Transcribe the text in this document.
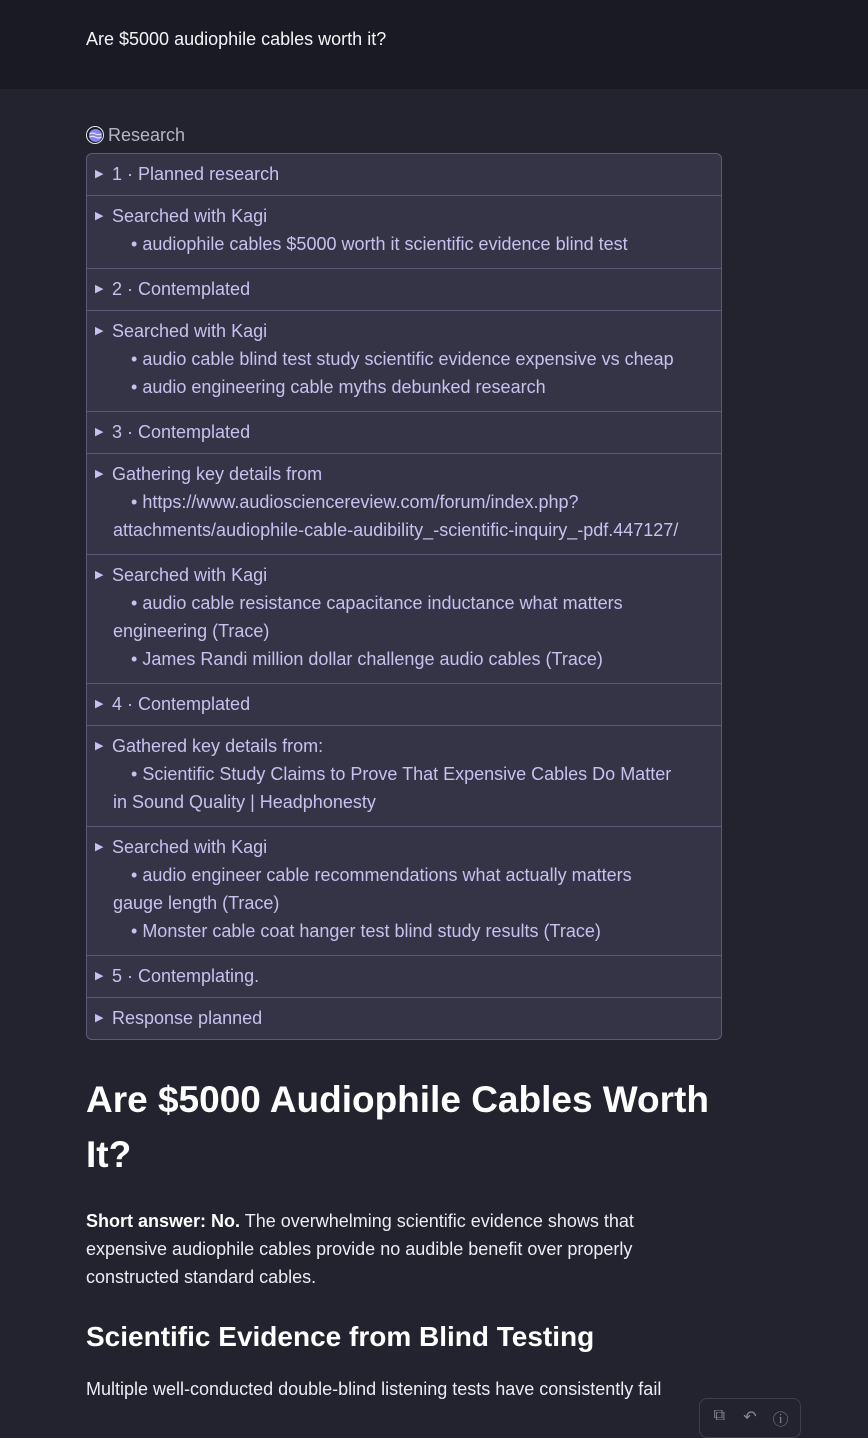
Are $5000 audiophile cables worth it?
Research
▶ 1 · Planned research
▶ Searched with Kagi
• audiophile cables $5000 worth it scientific evidence blind test
▶ 2 · Contemplated
▶ Searched with Kagi
• audio cable blind test study scientific evidence expensive vs cheap
• audio engineering cable myths debunked research
▶ 3 · Contemplated
▶ Gathering key details from
• https://www.audiosciencereview.com/forum/index.php?attachments/audiophile-cable-audibility_-scientific-inquiry_-pdf.447127/
▶ Searched with Kagi
• audio cable resistance capacitance inductance what matters engineering (Trace)
• James Randi million dollar challenge audio cables (Trace)
▶ 4 · Contemplated
▶ Gathered key details from:
• Scientific Study Claims to Prove That Expensive Cables Do Matter in Sound Quality | Headphonesty
▶ Searched with Kagi
• audio engineer cable recommendations what actually matters gauge length (Trace)
• Monster cable coat hanger test blind study results (Trace)
▶ 5 · Contemplating.
▶ Response planned
Are $5000 Audiophile Cables Worth It?

Short answer: No. The overwhelming scientific evidence shows that expensive audiophile cables provide no audible benefit over properly constructed standard cables.

Scientific Evidence from Blind Testing

Multiple well-conducted double-blind listening tests have consistently fail

⧉ ↶ ⓘ
